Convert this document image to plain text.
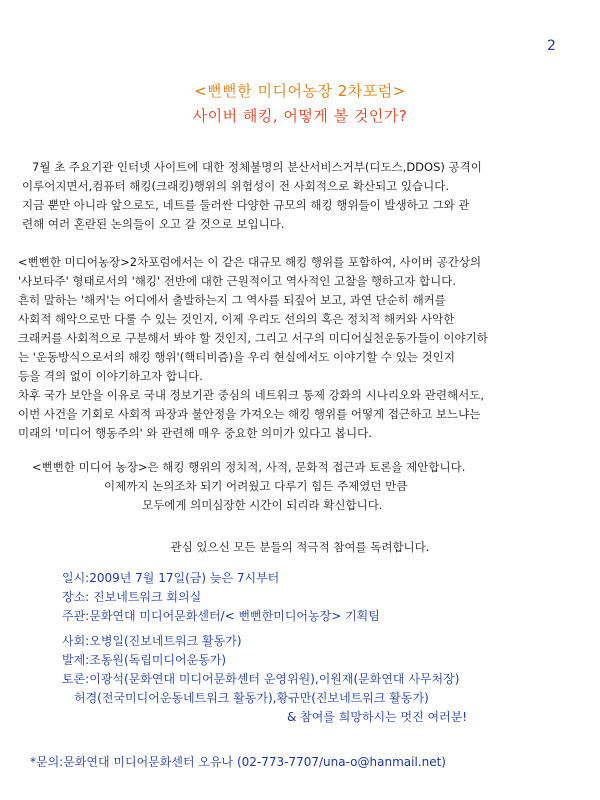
2
<뻔뻔한 미디어농장 2차포럼>
사이버 해킹, 어떻게 볼 것인가?
7월 초 주요기관 인터넷 사이트에 대한 정체불명의 분산서비스거부(디도스,DDOS) 공격이
이루어지면서,컴퓨터 해킹(크래킹)행위의 위험성이 전 사회적으로 확산되고 있습니다.
지금 뿐만 아니라 앞으로도, 네트를 둘러싼 다양한 규모의 해킹 행위들이 발생하고 그와 관
련해 여러 혼란된 논의들이 오고 갈 것으로 보입니다.
<뻔뻔한 미디어농장>2차포럼에서는 이 같은 대규모 해킹 행위를 포함하여, 사이버 공간상의
'사보타주' 형태로서의 '해킹' 전반에 대한 근원적이고 역사적인 고찰을 행하고자 합니다.
흔히 말하는 '해커'는 어디에서 출발하는지 그 역사를 되짚어 보고, 과연 단순히 해커를
사회적 해악으로만 다룰 수 있는 것인지, 이제 우리도 선의의 혹은 정치적 해커와 사악한
크래커를 사회적으로 구분해서 봐야 할 것인지, 그리고 서구의 미디어실천운동가들이 이야기하
는 '운동방식으로서의 해킹 행위'(핵티비즘)을 우리 현실에서도 이야기할 수 있는 것인지
등을 격의 없이 이야기하고자 합니다.
차후 국가 보안을 이유로 국내 정보기관 중심의 네트워크 통제 강화의 시나리오와 관련해서도,
이번 사건을 기회로 사회적 파장과 불안정을 가져오는 해킹 행위를 어떻게 접근하고 보느냐는
미래의 '미디어 행동주의' 와 관련해 매우 중요한 의미가 있다고 봅니다.
<뻔뻔한 미디어 농장>은 해킹 행위의 정치적, 사적, 문화적 접근과 토론을 제안합니다.
이제까지 논의조차 되기 어려웠고 다루기 힘든 주제였던 만큼
모두에게 의미심장한 시간이 되리라 확신합니다.
관심 있으신 모든 분들의 적극적 참여를 독려합니다.
일시:2009년 7월 17일(금) 늦은 7시부터
장소: 진보네트워크 회의실
주관:문화연대 미디어문화센터/< 뻔뻔한미디어농장> 기획팀
사회:오병일(진보네트워크 활동가)
발제:조동원(독립미디어운동가)
토론:이광석(문화연대 미디어문화센터 운영위원),이원재(문화연대 사무처장)
허경(전국미디어운동네트워크 활동가),황규만(진보네트워크 활동가)
& 참여를 희망하시는 멋진 여러분!
*문의:문화연대 미디어문화센터 오유나 (02-773-7707/una-o@hanmail.net)
